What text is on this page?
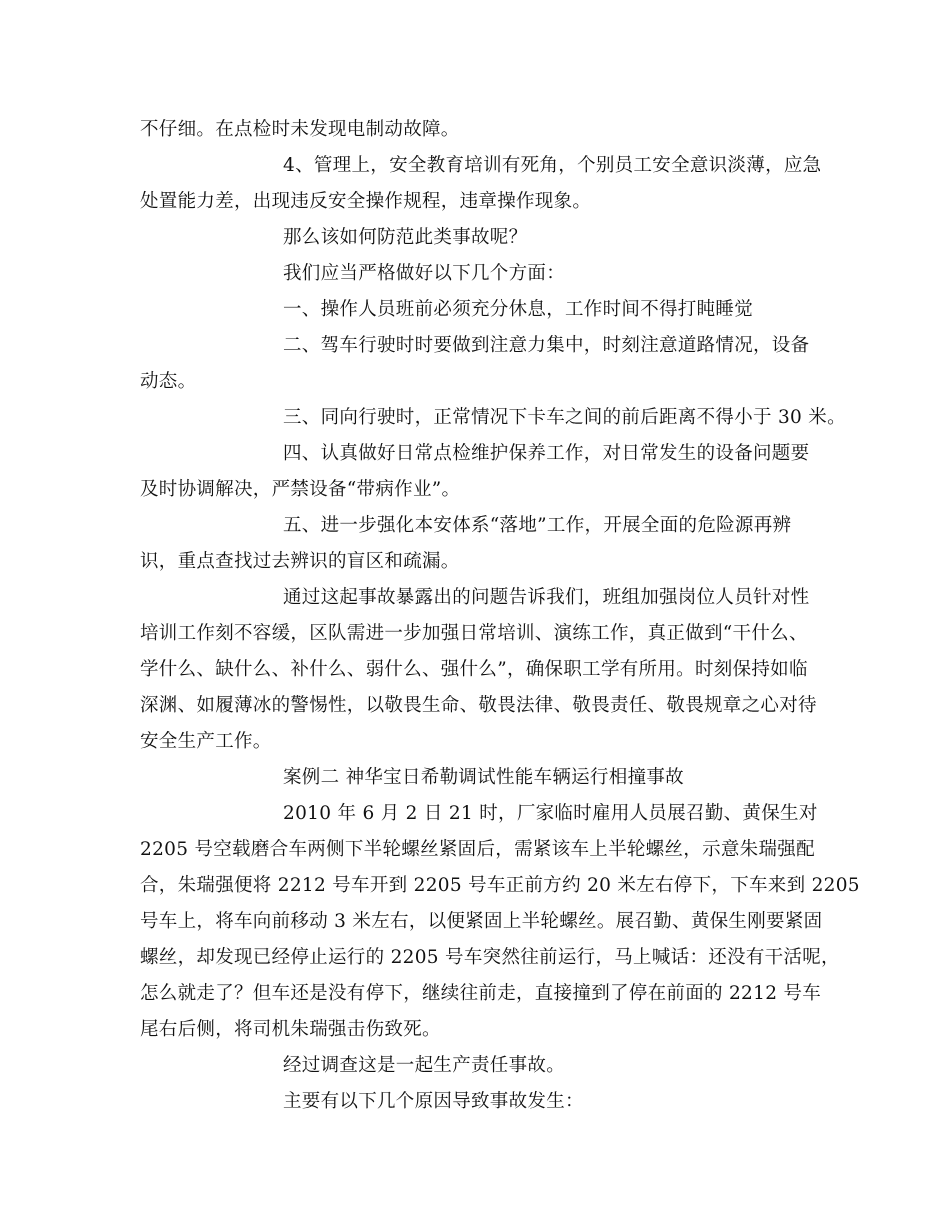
不仔细。在点检时未发现电制动故障。
4、管理上，安全教育培训有死角，个别员工安全意识淡薄，应急
处置能力差，出现违反安全操作规程，违章操作现象。
那么该如何防范此类事故呢？
我们应当严格做好以下几个方面：
一、操作人员班前必须充分休息，工作时间不得打盹睡觉
二、驾车行驶时时要做到注意力集中，时刻注意道路情况，设备
动态。
三、同向行驶时，正常情况下卡车之间的前后距离不得小于 30 米。
四、认真做好日常点检维护保养工作，对日常发生的设备问题要
及时协调解决，严禁设备“带病作业”。
五、进一步强化本安体系“落地”工作，开展全面的危险源再辨
识，重点查找过去辨识的盲区和疏漏。
通过这起事故暴露出的问题告诉我们，班组加强岗位人员针对性
培训工作刻不容缓，区队需进一步加强日常培训、演练工作，真正做到“干什么、
学什么、缺什么、补什么、弱什么、强什么”，确保职工学有所用。时刻保持如临
深渊、如履薄冰的警惕性，以敬畏生命、敬畏法律、敬畏责任、敬畏规章之心对待
安全生产工作。
案例二 神华宝日希勒调试性能车辆运行相撞事故
2010 年 6 月 2 日 21 时，厂家临时雇用人员展召勤、黄保生对
2205 号空载磨合车两侧下半轮螺丝紧固后，需紧该车上半轮螺丝，示意朱瑞强配
合，朱瑞强便将 2212 号车开到 2205 号车正前方约 20 米左右停下，下车来到 2205
号车上，将车向前移动 3 米左右，以便紧固上半轮螺丝。展召勤、黄保生刚要紧固
螺丝，却发现已经停止运行的 2205 号车突然往前运行，马上喊话：还没有干活呢，
怎么就走了？但车还是没有停下，继续往前走，直接撞到了停在前面的 2212 号车
尾右后侧，将司机朱瑞强击伤致死。
经过调查这是一起生产责任事故。
主要有以下几个原因导致事故发生：
